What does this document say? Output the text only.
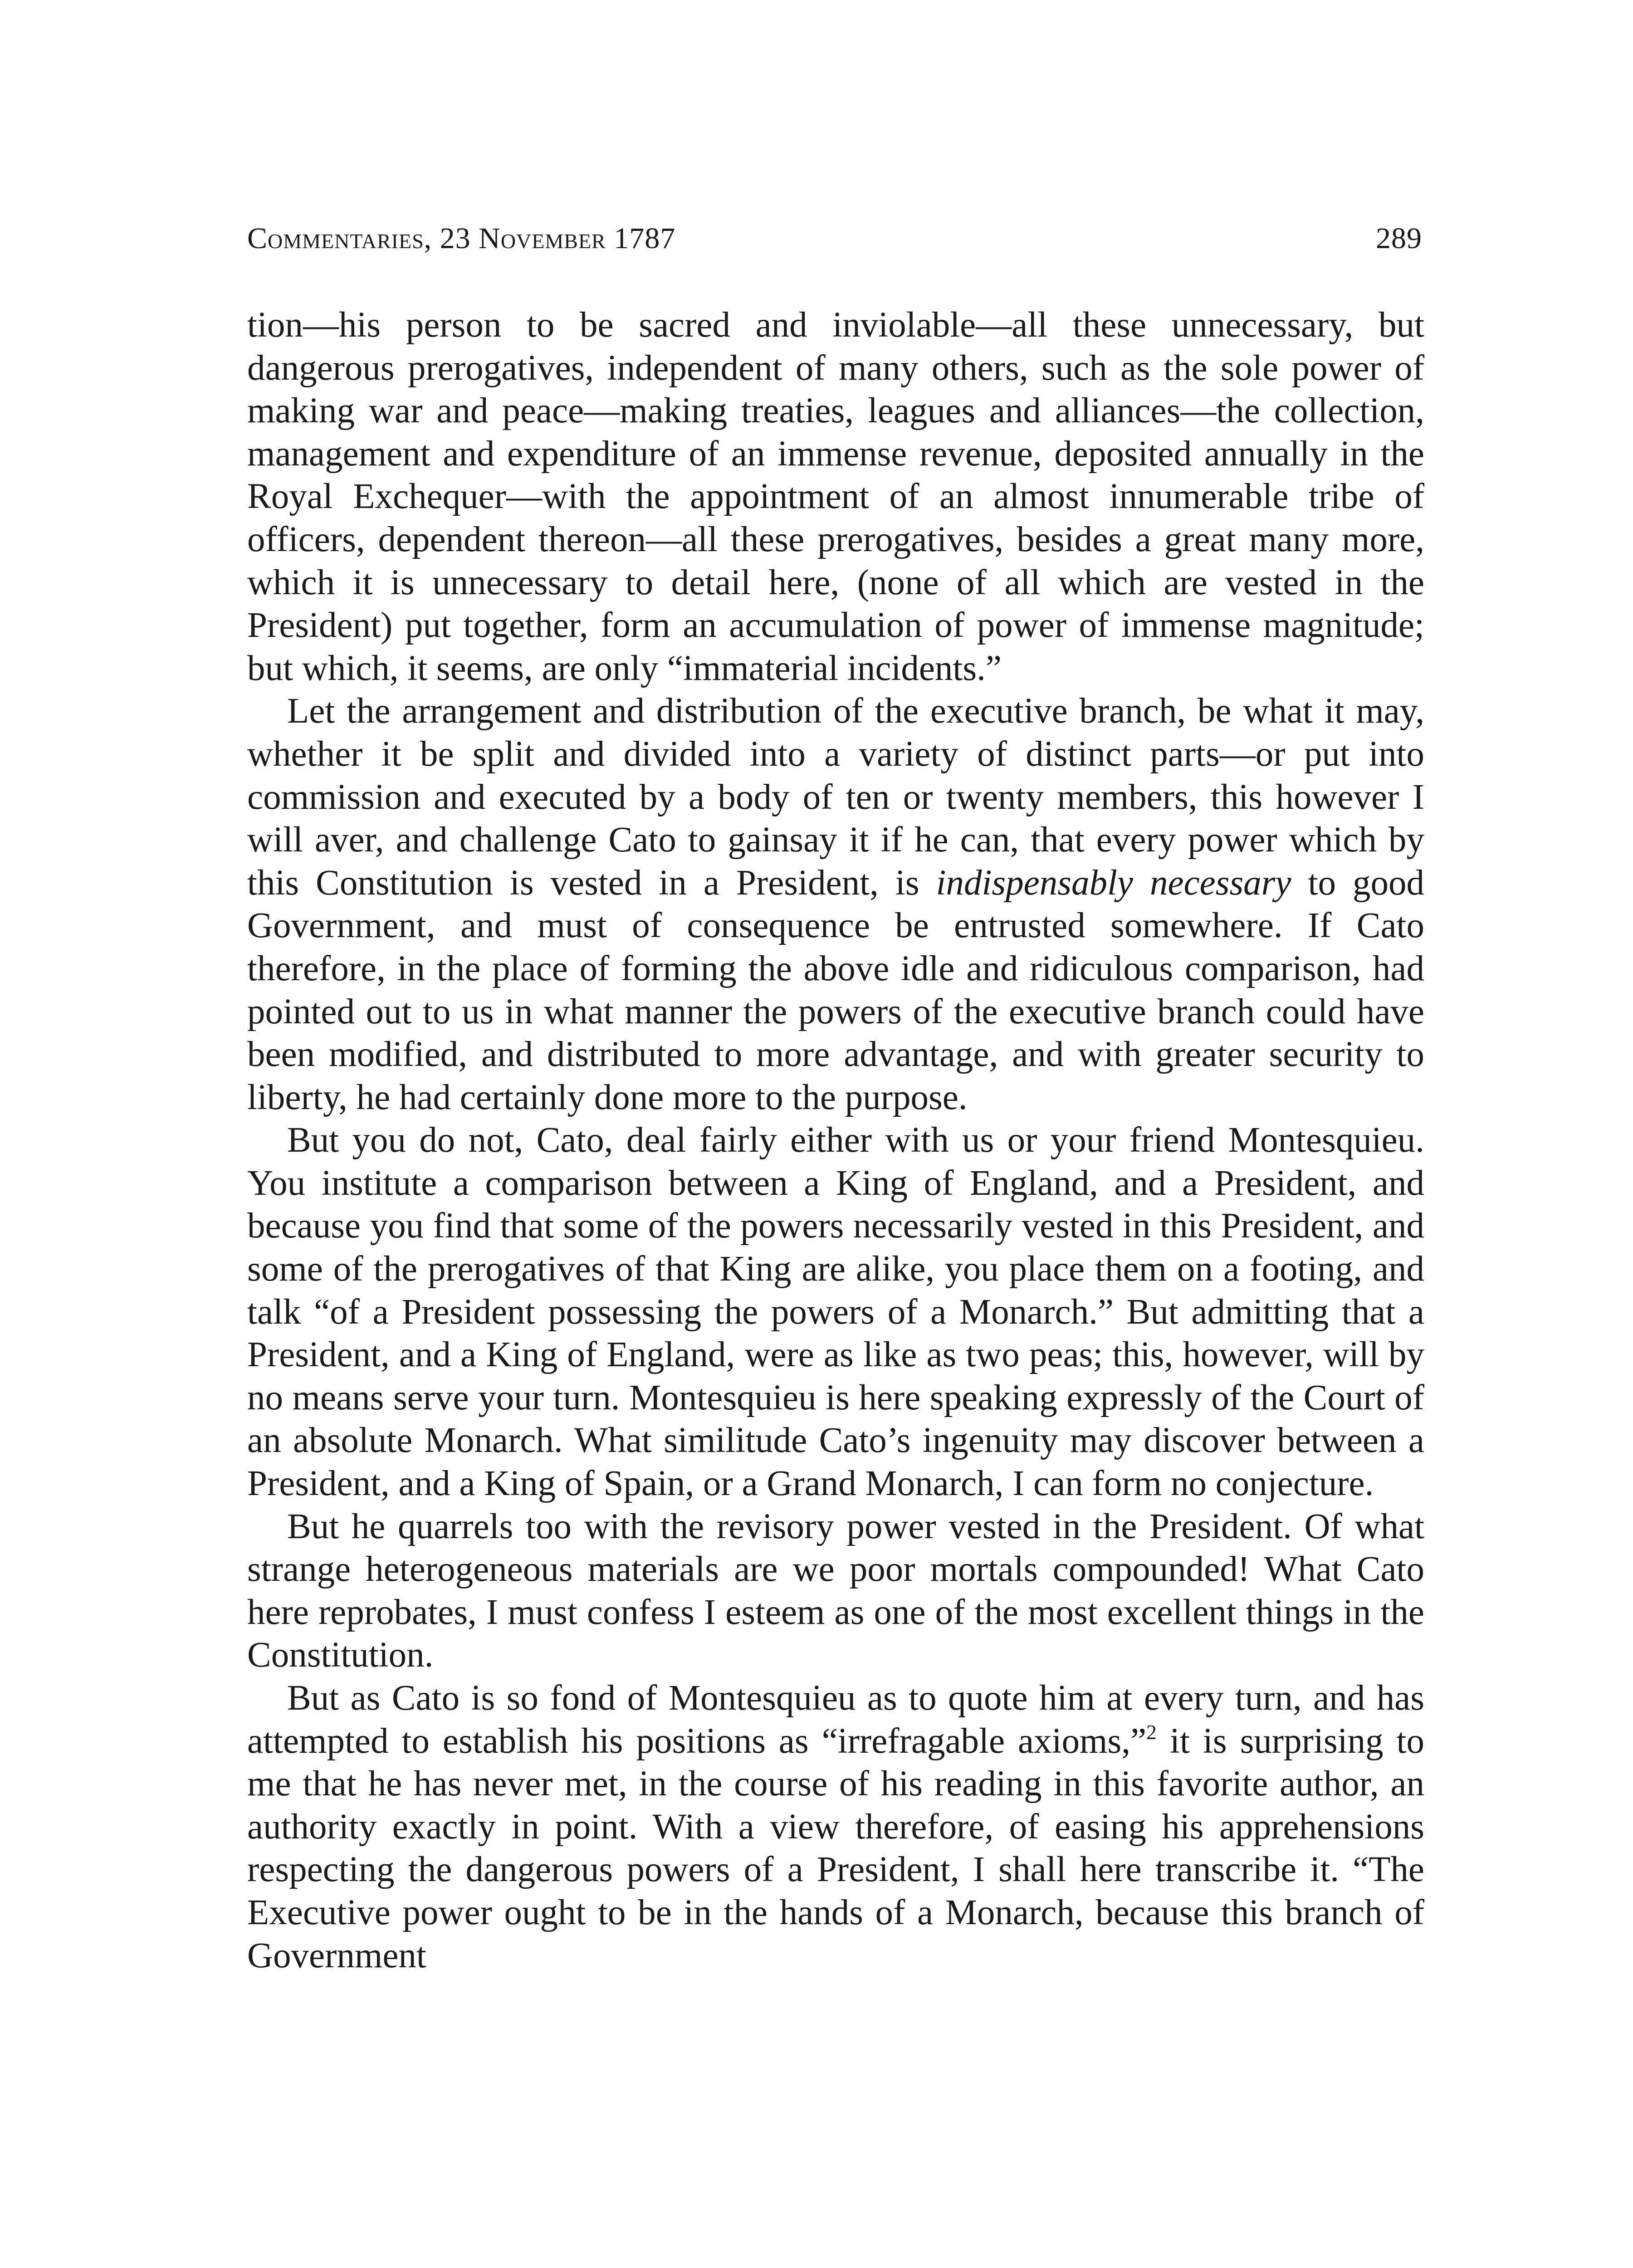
Commentaries, 23 November 1787	289

tion—his person to be sacred and inviolable—all these unnecessary, but dangerous prerogatives, independent of many others, such as the sole power of making war and peace—making treaties, leagues and alliances—the collection, management and expenditure of an immense revenue, deposited annually in the Royal Exchequer—with the appointment of an almost innumerable tribe of officers, dependent thereon—all these prerogatives, besides a great many more, which it is unnecessary to detail here, (none of all which are vested in the President) put together, form an accumulation of power of immense magnitude; but which, it seems, are only “immaterial incidents.”

Let the arrangement and distribution of the executive branch, be what it may, whether it be split and divided into a variety of distinct parts—or put into commission and executed by a body of ten or twenty members, this however I will aver, and challenge Cato to gainsay it if he can, that every power which by this Constitution is vested in a President, is indispensably necessary to good Government, and must of consequence be entrusted somewhere. If Cato therefore, in the place of forming the above idle and ridiculous comparison, had pointed out to us in what manner the powers of the executive branch could have been modified, and distributed to more advantage, and with greater security to liberty, he had certainly done more to the purpose.

But you do not, Cato, deal fairly either with us or your friend Montesquieu. You institute a comparison between a King of England, and a President, and because you find that some of the powers necessarily vested in this President, and some of the prerogatives of that King are alike, you place them on a footing, and talk “of a President possessing the powers of a Monarch.” But admitting that a President, and a King of England, were as like as two peas; this, however, will by no means serve your turn. Montesquieu is here speaking expressly of the Court of an absolute Monarch. What similitude Cato’s ingenuity may discover between a President, and a King of Spain, or a Grand Monarch, I can form no conjecture.

But he quarrels too with the revisory power vested in the President. Of what strange heterogeneous materials are we poor mortals compounded! What Cato here reprobates, I must confess I esteem as one of the most excellent things in the Constitution.

But as Cato is so fond of Montesquieu as to quote him at every turn, and has attempted to establish his positions as “irrefragable axioms,”$^2$ it is surprising to me that he has never met, in the course of his reading in this favorite author, an authority exactly in point. With a view therefore, of easing his apprehensions respecting the dangerous powers of a President, I shall here transcribe it. “The Executive power ought to be in the hands of a Monarch, because this branch of Government
